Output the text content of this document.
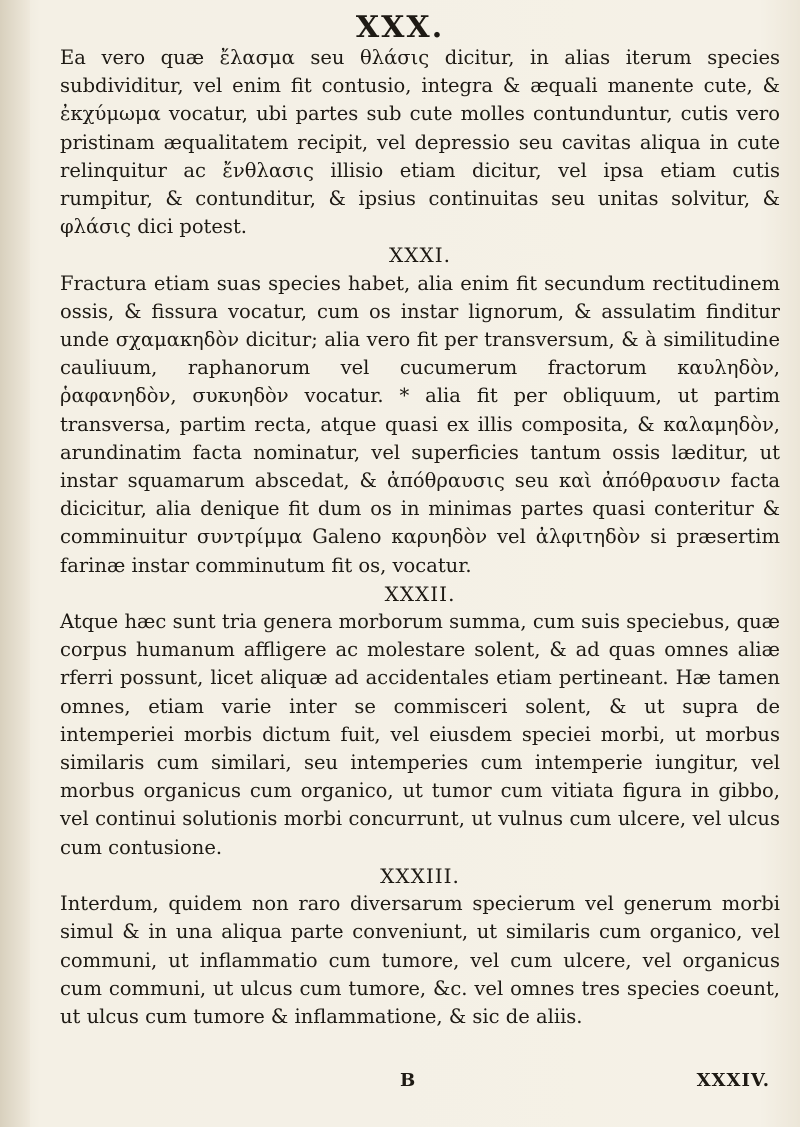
XXX.

Ea vero quæ ἔλασμα seu θλάσις dicitur, in alias iterum species subdividitur, vel enim fit contusio, integra & æquali manente cute, & ἐκχύμωμα vocatur, ubi partes sub cute molles contunduntur, cutis vero pristinam æqualitatem recipit, vel depressio seu cavitas aliqua in cute relinquitur ac ἔνθλασις illisio etiam dicitur, vel ipsa etiam cutis rumpitur, & contunditur, & ipsius continuitas seu unitas solvitur, & φλάσις dici potest.

XXXI.

Fractura etiam suas species habet, alia enim fit secundum rectitudinem ossis, & fissura vocatur, cum os instar lignorum, & assulatim finditur unde σχαμακηδὸν dicitur; alia vero fit per transversum, & à similitudine cauliuum, raphanorum vel cucumerum fractorum καυληδὸν, ῥαφανηδὸν, συκυηδὸν vocatur. * alia fit per obliquum, ut partim transversa, partim recta, atque quasi ex illis composita, & καλαμηδὸν, arundinatim facta nominatur, vel superficies tantum ossis læditur, ut instar squamarum abscedat, & ἀπόθραυσις seu καὶ ἀπόθραυσιν facta dicicitur, alia denique fit dum os in minimas partes quasi conteritur & comminuitur συντρίμμα Galeno καρυηδὸν vel ἀλφιτηδὸν si præsertim farinæ instar comminutum fit os, vocatur.

XXXII.

Atque hæc sunt tria genera morborum summa, cum suis speciebus, quæ corpus humanum affligere ac molestare solent, & ad quas omnes aliæ rferri possunt, licet aliquæ ad accidentales etiam pertineant. Hæ tamen omnes, etiam varie inter se commisceri solent, & ut supra de intemperiei morbis dictum fuit, vel eiusdem speciei morbi, ut morbus similaris cum similari, seu intemperies cum intemperie iungitur, vel morbus organicus cum organico, ut tumor cum vitiata figura in gibbo, vel continui solutionis morbi concurrunt, ut vulnus cum ulcere, vel ulcus cum contusione.

XXXIII.

Interdum, quidem non raro diversarum specierum vel generum morbi simul & in una aliqua parte conveniunt, ut similaris cum organico, vel communi, ut inflammatio cum tumore, vel cum ulcere, vel organicus cum communi, ut ulcus cum tumore, &c. vel omnes tres species coeunt, ut ulcus cum tumore & inflammatione, & sic de aliis.

B	XXXIV.
